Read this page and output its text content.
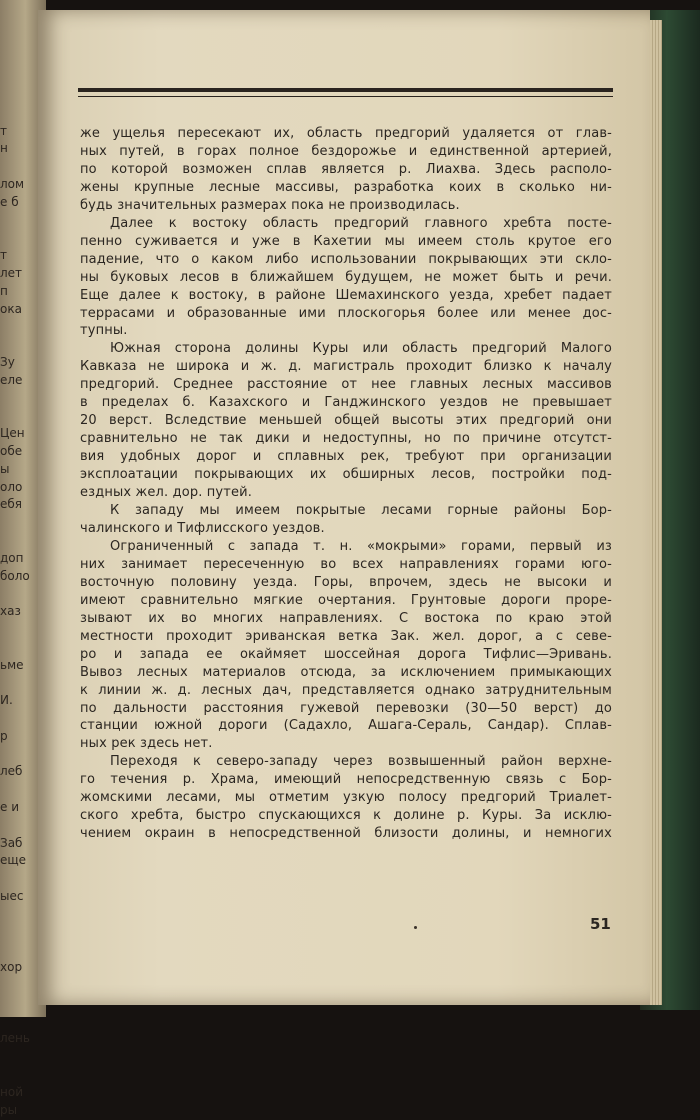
т
н
лом
е б
т
лет
п
ока
Зу
еле
Цен
обе
ы
оло
ебя
доп
боло
хаз
ьме
И.
р
леб
е и
Заб
еще
ыес
хор
лень
ной
ры
же ущелья пересекают их, область предгорий удаляется от глав-
ных путей, в горах полное бездорожье и единственной артерией,
по которой возможен сплав является р. Лиахва. Здесь располо-
жены крупные лесные массивы, разработка коих в сколько ни-
будь значительных размерах пока не производилась.
Далее к востоку область предгорий главного хребта посте-
пенно суживается и уже в Кахетии мы имеем столь крутое его
падение, что о каком либо использовании покрывающих эти скло-
ны буковых лесов в ближайшем будущем, не может быть и речи.
Еще далее к востоку, в районе Шемахинского уезда, хребет падает
террасами и образованные ими плоскогорья более или менее дос-
тупны.
Южная сторона долины Куры или область предгорий Малого
Кавказа не широка и ж. д. магистраль проходит близко к началу
предгорий. Среднее расстояние от нее главных лесных массивов
в пределах б. Казахского и Ганджинского уездов не превышает
20 верст. Вследствие меньшей общей высоты этих предгорий они
сравнительно не так дики и недоступны, но по причине отсутст-
вия удобных дорог и сплавных рек, требуют при организации
эксплоатации покрывающих их обширных лесов, постройки под-
ездных жел. дор. путей.
К западу мы имеем покрытые лесами горные районы Бор-
чалинского и Тифлисского уездов.
Ограниченный с запада т. н. «мокрыми» горами, первый из
них занимает пересеченную во всех направлениях горами юго-
восточную половину уезда. Горы, впрочем, здесь не высоки и
имеют сравнительно мягкие очертания. Грунтовые дороги проре-
зывают их во многих направлениях. С востока по краю этой
местности проходит эриванская ветка Зак. жел. дорог, а с севе-
ро и запада ее окаймяет шоссейная дорога Тифлис—Эривань.
Вывоз лесных материалов отсюда, за исключением примыкающих
к линии ж. д. лесных дач, представляется однако затруднительным
по дальности расстояния гужевой перевозки (30—50 верст) до
станции южной дороги (Садахло, Ашага-Сераль, Сандар). Сплав-
ных рек здесь нет.
Переходя к северо-западу через возвышенный район верхне-
го течения р. Храма, имеющий непосредственную связь с Бор-
жомскими лесами, мы отметим узкую полосу предгорий Триалет-
ского хребта, быстро спускающихся к долине р. Куры. За исклю-
чением окраин в непосредственной близости долины, и немногих
51
